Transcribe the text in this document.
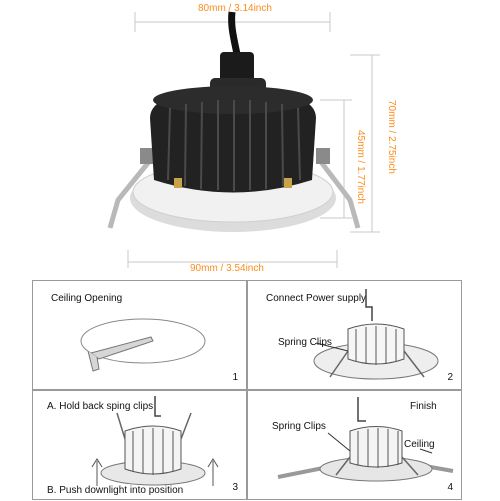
80mm / 3.14inch
90mm / 3.54inch
70mm / 2.75inch
45mm / 1.77inch
Ceiling Opening
1
Connect Power supply
Spring Clips
2
A. Hold back sping clips
B. Push downlight into position	3
Finish
Spring Clips
Ceiling
4
